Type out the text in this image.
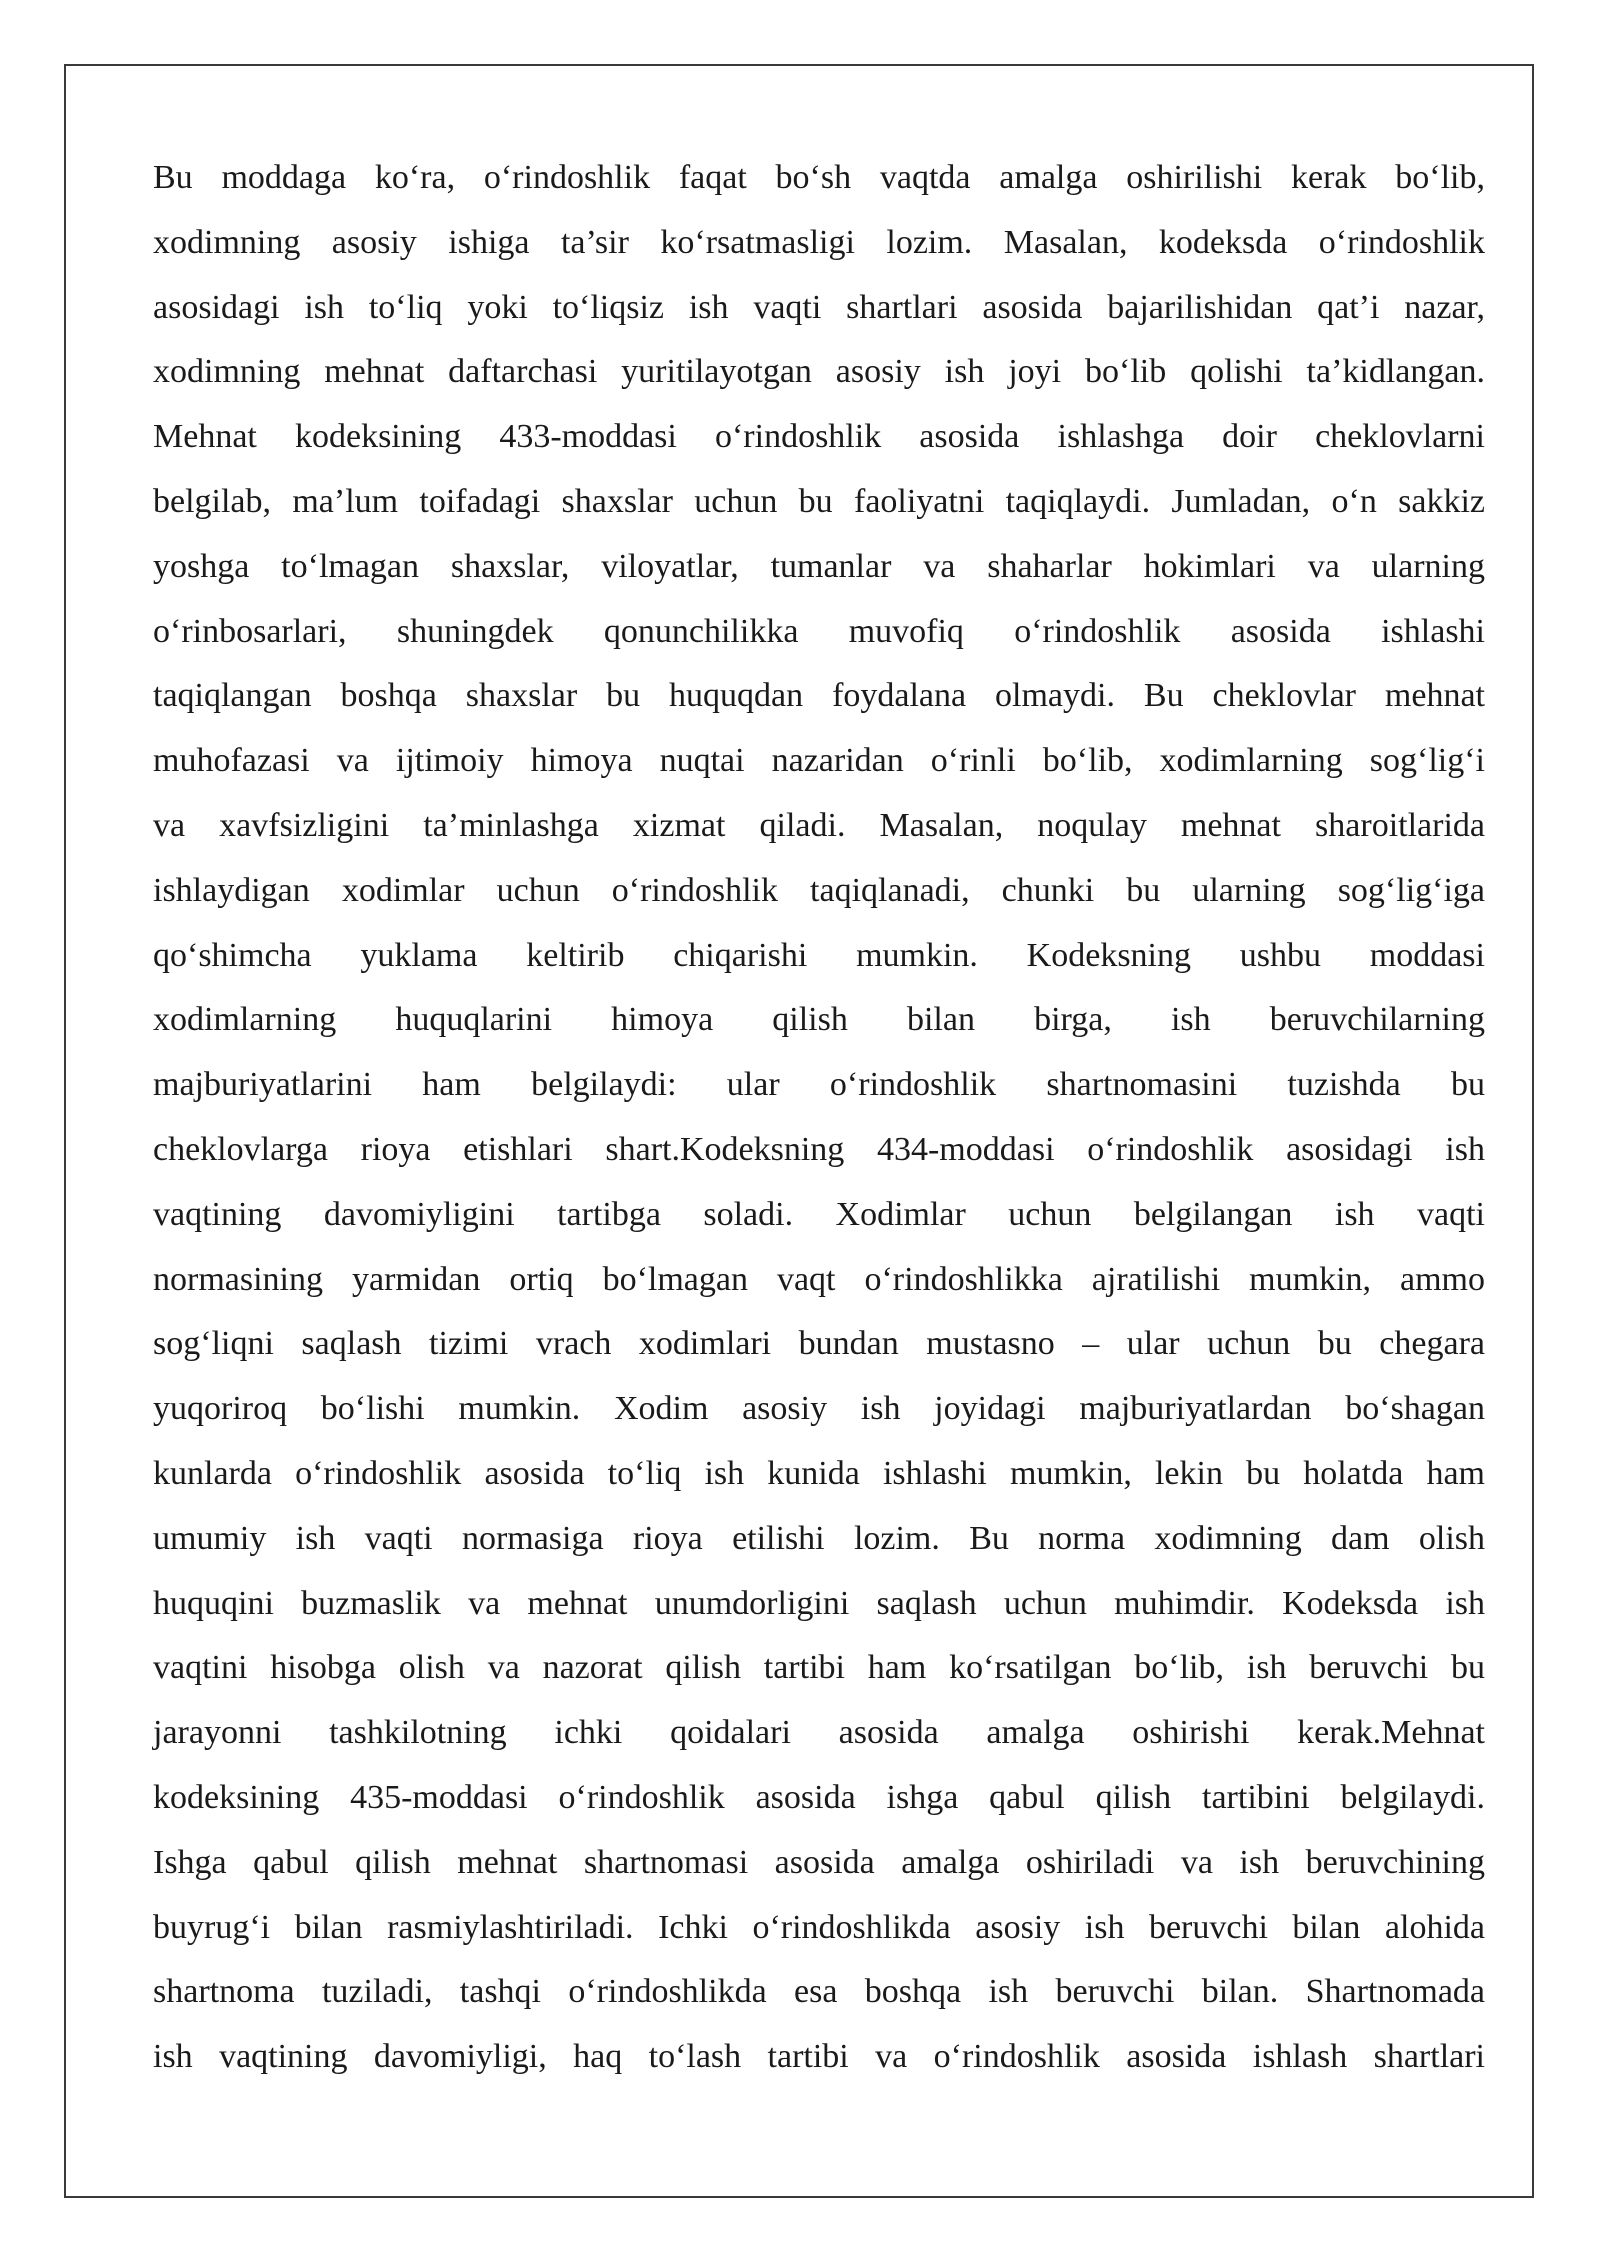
Bu moddaga ko‘ra, o‘rindoshlik faqat bo‘sh vaqtda amalga oshirilishi kerak bo‘lib,
xodimning asosiy ishiga ta’sir ko‘rsatmasligi lozim. Masalan, kodeksda o‘rindoshlik
asosidagi ish to‘liq yoki to‘liqsiz ish vaqti shartlari asosida bajarilishidan qat’i nazar,
xodimning mehnat daftarchasi yuritilayotgan asosiy ish joyi bo‘lib qolishi ta’kidlangan.
Mehnat kodeksining 433-moddasi o‘rindoshlik asosida ishlashga doir cheklovlarni
belgilab, ma’lum toifadagi shaxslar uchun bu faoliyatni taqiqlaydi. Jumladan, o‘n sakkiz
yoshga to‘lmagan shaxslar, viloyatlar, tumanlar va shaharlar hokimlari va ularning
o‘rinbosarlari, shuningdek qonunchilikka muvofiq o‘rindoshlik asosida ishlashi
taqiqlangan boshqa shaxslar bu huquqdan foydalana olmaydi. Bu cheklovlar mehnat
muhofazasi va ijtimoiy himoya nuqtai nazaridan o‘rinli bo‘lib, xodimlarning sog‘lig‘i
va xavfsizligini ta’minlashga xizmat qiladi. Masalan, noqulay mehnat sharoitlarida
ishlaydigan xodimlar uchun o‘rindoshlik taqiqlanadi, chunki bu ularning sog‘lig‘iga
qo‘shimcha yuklama keltirib chiqarishi mumkin. Kodeksning ushbu moddasi
xodimlarning huquqlarini himoya qilish bilan birga, ish beruvchilarning
majburiyatlarini ham belgilaydi: ular o‘rindoshlik shartnomasini tuzishda bu
cheklovlarga rioya etishlari shart.Kodeksning 434-moddasi o‘rindoshlik asosidagi ish
vaqtining davomiyligini tartibga soladi. Xodimlar uchun belgilangan ish vaqti
normasining yarmidan ortiq bo‘lmagan vaqt o‘rindoshlikka ajratilishi mumkin, ammo
sog‘liqni saqlash tizimi vrach xodimlari bundan mustasno – ular uchun bu chegara
yuqoriroq bo‘lishi mumkin. Xodim asosiy ish joyidagi majburiyatlardan bo‘shagan
kunlarda o‘rindoshlik asosida to‘liq ish kunida ishlashi mumkin, lekin bu holatda ham
umumiy ish vaqti normasiga rioya etilishi lozim. Bu norma xodimning dam olish
huquqini buzmaslik va mehnat unumdorligini saqlash uchun muhimdir. Kodeksda ish
vaqtini hisobga olish va nazorat qilish tartibi ham ko‘rsatilgan bo‘lib, ish beruvchi bu
jarayonni tashkilotning ichki qoidalari asosida amalga oshirishi kerak.Mehnat
kodeksining 435-moddasi o‘rindoshlik asosida ishga qabul qilish tartibini belgilaydi.
Ishga qabul qilish mehnat shartnomasi asosida amalga oshiriladi va ish beruvchining
buyrug‘i bilan rasmiylashtiriladi. Ichki o‘rindoshlikda asosiy ish beruvchi bilan alohida
shartnoma tuziladi, tashqi o‘rindoshlikda esa boshqa ish beruvchi bilan. Shartnomada
ish vaqtining davomiyligi, haq to‘lash tartibi va o‘rindoshlik asosida ishlash shartlari
